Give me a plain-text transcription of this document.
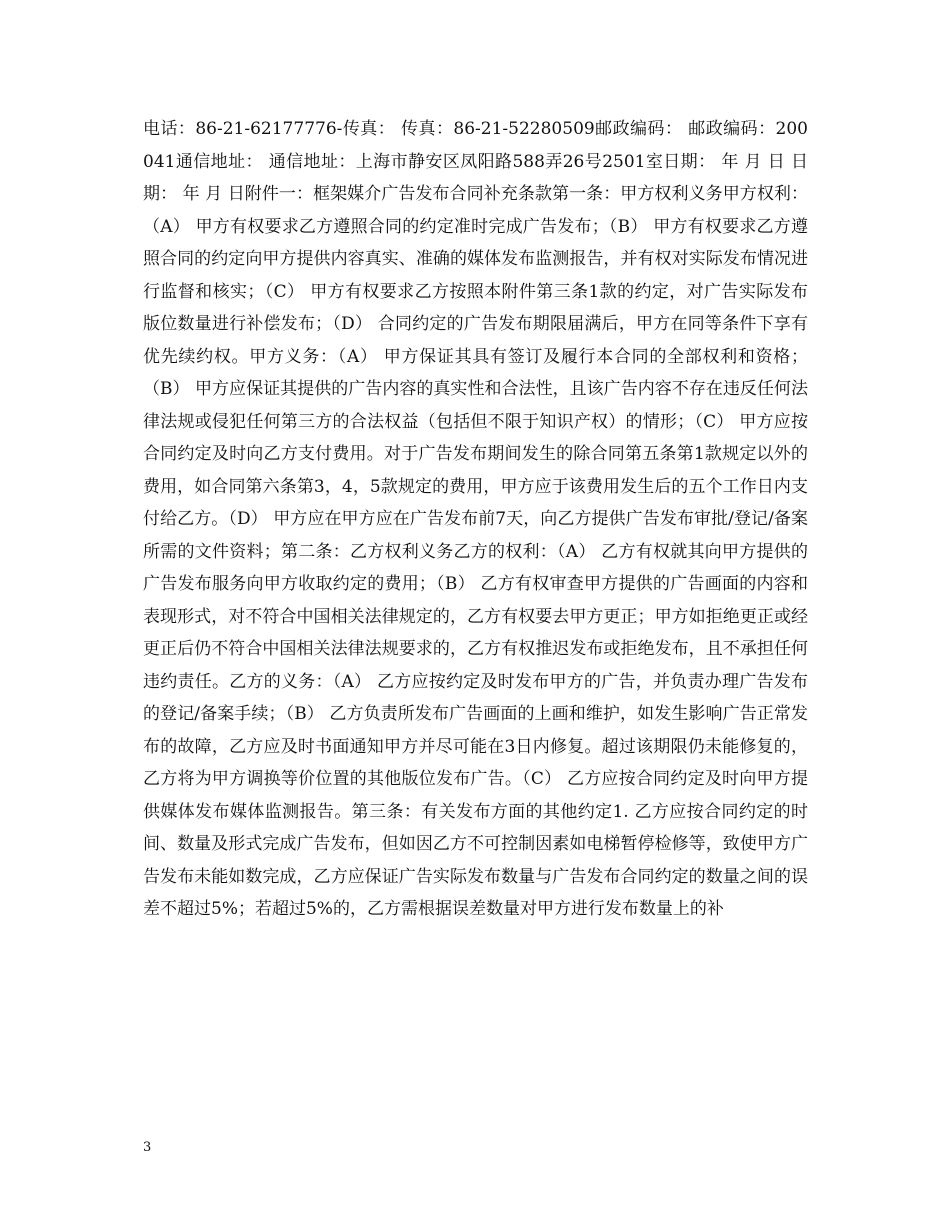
电话：86-21-62177776-传真： 传真：86-21-52280509邮政编码： 邮政编码：200041通信地址： 通信地址：上海市静安区凤阳路588弄26号2501室日期： 年 月 日 日期： 年 月 日附件一：框架媒介广告发布合同补充条款第一条：甲方权利义务甲方权利：（A） 甲方有权要求乙方遵照合同的约定准时完成广告发布；（B） 甲方有权要求乙方遵照合同的约定向甲方提供内容真实、准确的媒体发布监测报告，并有权对实际发布情况进行监督和核实；（C） 甲方有权要求乙方按照本附件第三条1款的约定，对广告实际发布版位数量进行补偿发布；（D） 合同约定的广告发布期限届满后，甲方在同等条件下享有优先续约权。甲方义务：（A） 甲方保证其具有签订及履行本合同的全部权利和资格；（B） 甲方应保证其提供的广告内容的真实性和合法性，且该广告内容不存在违反任何法律法规或侵犯任何第三方的合法权益（包括但不限于知识产权）的情形；（C） 甲方应按合同约定及时向乙方支付费用。对于广告发布期间发生的除合同第五条第1款规定以外的费用，如合同第六条第3，4，5款规定的费用，甲方应于该费用发生后的五个工作日内支付给乙方。（D） 甲方应在甲方应在广告发布前7天，向乙方提供广告发布审批/登记/备案所需的文件资料；第二条：乙方权利义务乙方的权利：（A） 乙方有权就其向甲方提供的广告发布服务向甲方收取约定的费用；（B） 乙方有权审查甲方提供的广告画面的内容和表现形式，对不符合中国相关法律规定的，乙方有权要去甲方更正；甲方如拒绝更正或经更正后仍不符合中国相关法律法规要求的，乙方有权推迟发布或拒绝发布，且不承担任何违约责任。乙方的义务：（A） 乙方应按约定及时发布甲方的广告，并负责办理广告发布的登记/备案手续；（B） 乙方负责所发布广告画面的上画和维护，如发生影响广告正常发布的故障，乙方应及时书面通知甲方并尽可能在3日内修复。超过该期限仍未能修复的，乙方将为甲方调换等价位置的其他版位发布广告。（C） 乙方应按合同约定及时向甲方提供媒体发布媒体监测报告。第三条：有关发布方面的其他约定1. 乙方应按合同约定的时间、数量及形式完成广告发布，但如因乙方不可控制因素如电梯暂停检修等，致使甲方广告发布未能如数完成，乙方应保证广告实际发布数量与广告发布合同约定的数量之间的误差不超过5%；若超过5%的，乙方需根据误差数量对甲方进行发布数量上的补

3
